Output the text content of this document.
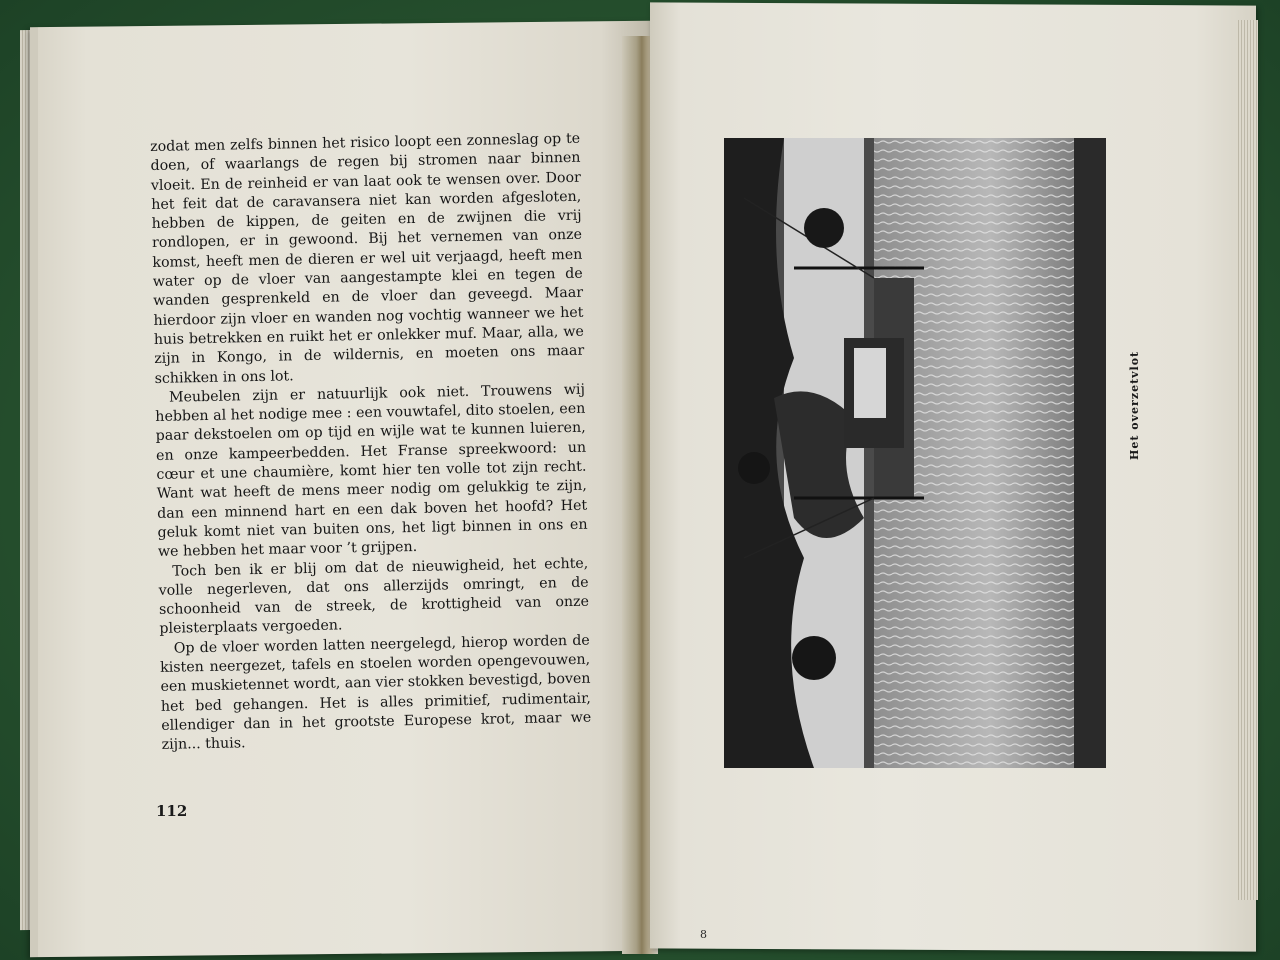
zodat men zelfs binnen het risico loopt een zonneslag op te doen, of waarlangs de regen bij stromen naar binnen vloeit. En de reinheid er van laat ook te wensen over. Door het feit dat de caravansera niet kan worden afgesloten, hebben de kippen, de geiten en de zwijnen die vrij rondlopen, er in gewoond. Bij het vernemen van onze komst, heeft men de dieren er wel uit verjaagd, heeft men water op de vloer van aangestampte klei en tegen de wanden gesprenkeld en de vloer dan geveegd. Maar hierdoor zijn vloer en wanden nog vochtig wanneer we het huis betrekken en ruikt het er onlekker muf. Maar, alla, we zijn in Kongo, in de wildernis, en moeten ons maar schikken in ons lot.

Meubelen zijn er natuurlijk ook niet. Trouwens wij hebben al het nodige mee : een vouwtafel, dito stoelen, een paar dekstoelen om op tijd en wijle wat te kunnen luieren, en onze kampeerbedden. Het Franse spreekwoord: un cœur et une chaumière, komt hier ten volle tot zijn recht. Want wat heeft de mens meer nodig om gelukkig te zijn, dan een minnend hart en een dak boven het hoofd? Het geluk komt niet van buiten ons, het ligt binnen in ons en we hebben het maar voor ’t grijpen.

Toch ben ik er blij om dat de nieuwigheid, het echte, volle negerleven, dat ons allerzijds omringt, en de schoonheid van de streek, de krottigheid van onze pleisterplaats vergoeden.

Op de vloer worden latten neergelegd, hierop worden de kisten neergezet, tafels en stoelen worden opengevouwen, een muskietennet wordt, aan vier stokken bevestigd, boven het bed gehangen. Het is alles primitief, rudimentair, ellendiger dan in het grootste Europese krot, maar we zijn... thuis.

112
Het overzetvlot
8
